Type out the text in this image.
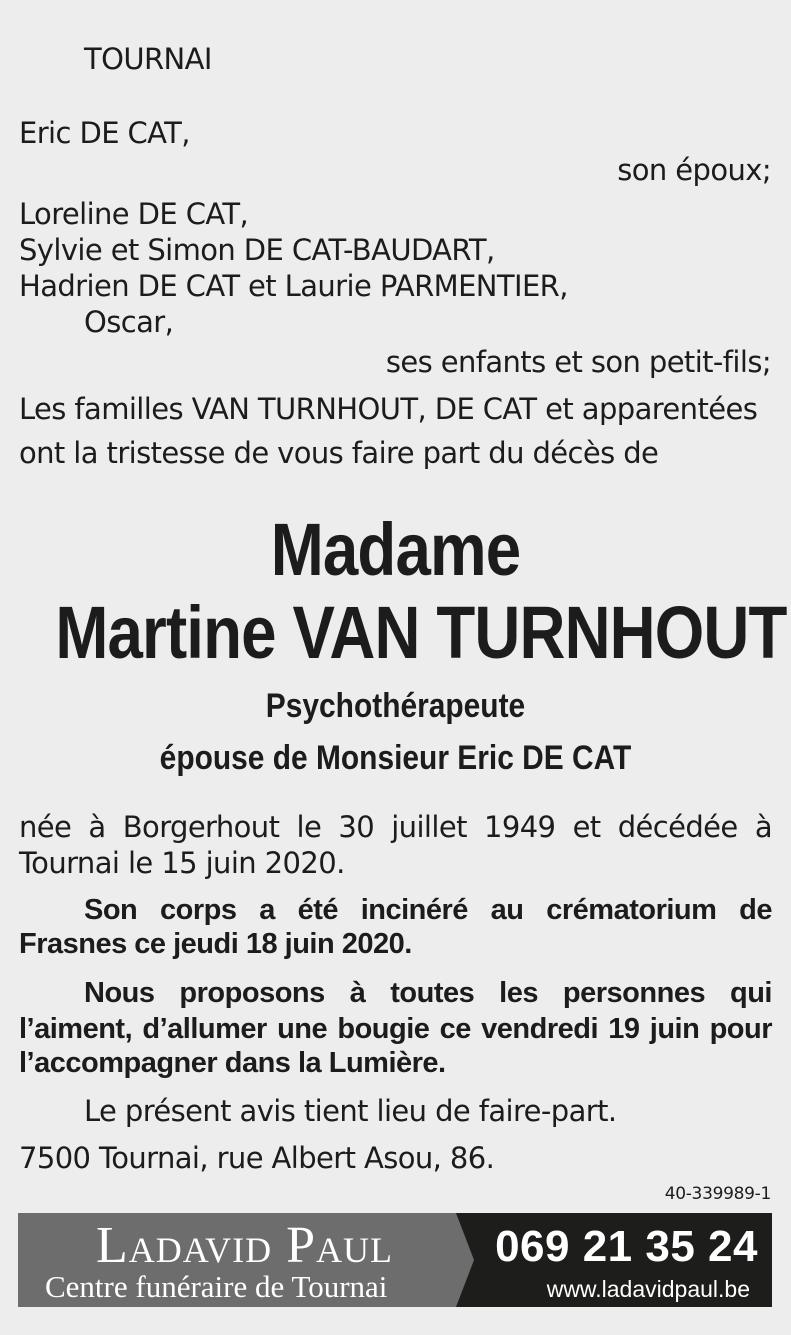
TOURNAI
Eric DE CAT,
son époux;
Loreline DE CAT,
Sylvie et Simon DE CAT-BAUDART,
Hadrien DE CAT et Laurie PARMENTIER,
Oscar,
ses enfants et son petit-fils;
Les familles VAN TURNHOUT, DE CAT et apparentées
ont la tristesse de vous faire part du décès de
Madame
Martine VAN TURNHOUT
Psychothérapeute
épouse de Monsieur Eric DE CAT
née à Borgerhout le 30 juillet 1949 et décédée à
Tournai le 15 juin 2020.
Son corps a été incinéré au crématorium de
Frasnes ce jeudi 18 juin 2020.
Nous proposons à toutes les personnes qui
l’aiment, d’allumer une bougie ce vendredi 19 juin pour
l’accompagner dans la Lumière.
Le présent avis tient lieu de faire-part.
7500 Tournai, rue Albert Asou, 86.
40-339989-1
Ladavid Paul
Centre funéraire de Tournai
069 21 35 24
www.ladavidpaul.be
